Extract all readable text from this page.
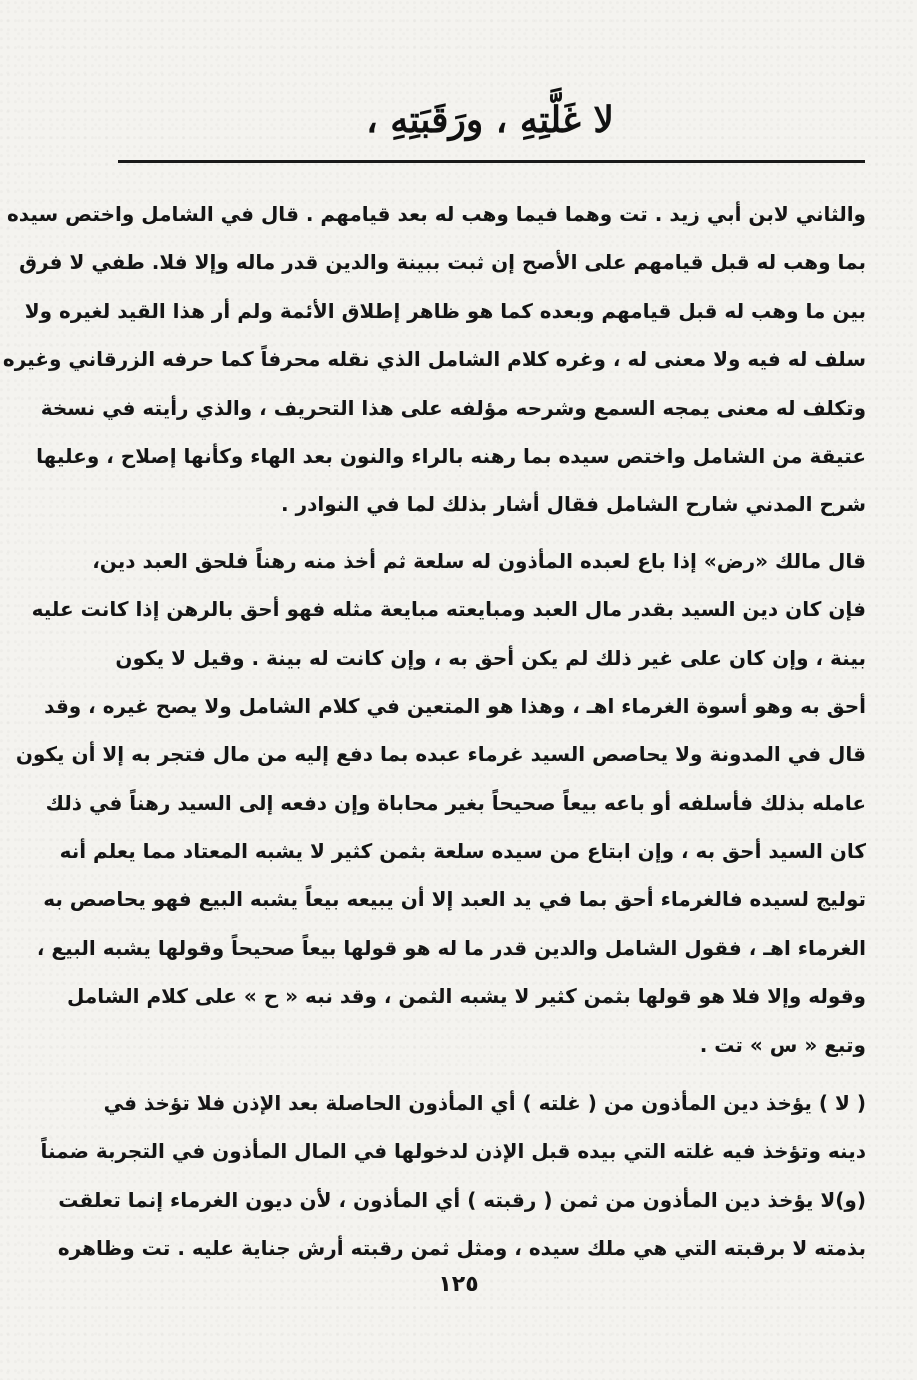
لا غَلَّتِهِ ، ورَقَبَتِهِ ،
والثاني لابن أبي زيد . تت وهما فيما وهب له بعد قيامهم . قال في الشامل واختص سيده
بما وهب له قبل قيامهم على الأصح إن ثبت ببينة والدين قدر ماله وإلا فلا. طفي لا فرق
بين ما وهب له قبل قيامهم وبعده كما هو ظاهر إطلاق الأئمة ولم أر هذا القيد لغيره ولا
سلف له فيه ولا معنى له ، وغره كلام الشامل الذي نقله محرفاً كما حرفه الزرقاني وغيره
وتكلف له معنى يمجه السمع وشرحه مؤلفه على هذا التحريف ، والذي رأيته في نسخة
عتيقة من الشامل واختص سيده بما رهنه بالراء والنون بعد الهاء وكأنها إصلاح ، وعليها
شرح المدني شارح الشامل فقال أشار بذلك لما في النوادر .
قال مالك «رض» إذا باع لعبده المأذون له سلعة ثم أخذ منه رهناً فلحق العبد دين،
فإن كان دين السيد بقدر مال العبد ومبايعته مبايعة مثله فهو أحق بالرهن إذا كانت عليه
بينة ، وإن كان على غير ذلك لم يكن أحق به ، وإن كانت له بينة . وقيل لا يكون
أحق به وهو أسوة الغرماء اهـ ، وهذا هو المتعين في كلام الشامل ولا يصح غيره ، وقد
قال في المدونة ولا يحاصص السيد غرماء عبده بما دفع إليه من مال فتجر به إلا أن يكون
عامله بذلك فأسلفه أو باعه بيعاً صحيحاً بغير محاباة وإن دفعه إلى السيد رهناً في ذلك
كان السيد أحق به ، وإن ابتاع من سيده سلعة بثمن كثير لا يشبه المعتاد مما يعلم أنه
توليج لسيده فالغرماء أحق بما في يد العبد إلا أن يبيعه بيعاً يشبه البيع فهو يحاصص به
الغرماء اهـ ، فقول الشامل والدين قدر ما له هو قولها بيعاً صحيحاً وقولها يشبه البيع ،
وقوله وإلا فلا هو قولها بثمن كثير لا يشبه الثمن ، وقد نبه « ح » على كلام الشامل
وتبع « س » تت .
( لا ) يؤخذ دين المأذون من ( غلته ) أي المأذون الحاصلة بعد الإذن فلا تؤخذ في
دينه وتؤخذ فيه غلته التي بيده قبل الإذن لدخولها في المال المأذون في التجربة ضمناً
(و)لا يؤخذ دين المأذون من ثمن ( رقبته ) أي المأذون ، لأن ديون الغرماء إنما تعلقت
بذمته لا برقبته التي هي ملك سيده ، ومثل ثمن رقبته أرش جناية عليه . تت وظاهره
١٢٥
